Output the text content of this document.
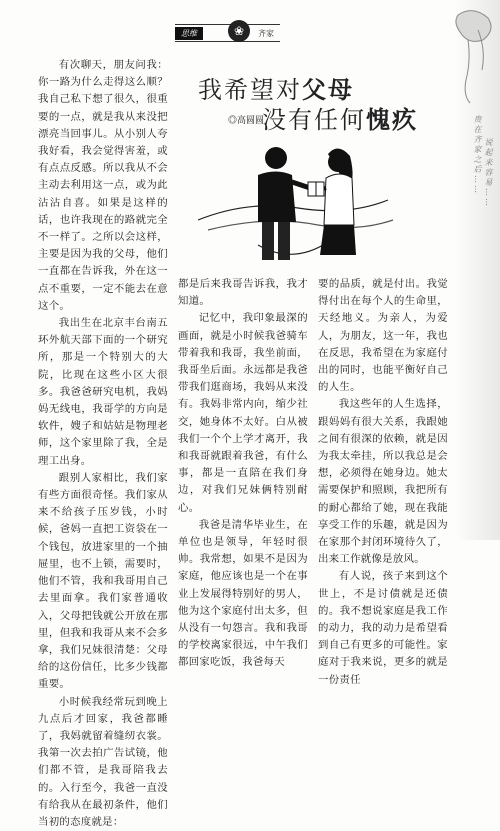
贵在齐家之后…… 说起来容易……
思维	齐家
❀

有次聊天，朋友问我：你一路为什么走得这么顺？我自己私下想了很久，很重要的一点，就是我从来没把漂亮当回事儿。从小别人夸我好看，我会觉得害羞，或有点点反感。所以我从不会主动去利用这一点，或为此沾沾自喜。如果是这样的话，也许我现在的路就完全不一样了。之所以会这样，主要是因为我的父母，他们一直都在告诉我，外在这一点不重要，一定不能去在意这个。

我出生在北京丰台南五环外航天部下面的一个研究所，那是一个特别大的大院，比现在这些小区大很多。我爸爸研究电机，我妈妈无线电，我哥学的方向是软件，嫂子和姑姑是物理老师，这个家里除了我，全是理工出身。

跟别人家相比，我们家有些方面很奇怪。我们家从来不给孩子压岁钱，小时候，爸妈一直把工资袋在一个钱包，放进家里的一个抽屉里，也不上锁，需要时，他们不管，我和我哥用自己去里面拿。我们家普通收入，父母把钱就公开放在那里，但我和我哥从来不会多拿，我们兄妹很清楚：父母给的这份信任，比多少钱都重要。

小时候我经常玩到晚上九点后才回家，我爸都睡了，我妈就留着缝纫衣裳。我第一次去拍广告试镜，他们都不管，是我哥陪我去的。入行至今，我爸一直没有给我从在最初条件，他们当初的态度就是：

我希望对父母
没有任何愧疚
◎高圆圆

都是后来我哥告诉我，我才知道。

记忆中，我印象最深的画面，就是小时候我爸骑车带着我和我哥，我坐前面，我哥坐后面。永远都是我爸带我们逛商场，我妈从来没有。我妈非常内向，缩少社交，她身体不太好。白从被我们一个个上学才离开，我和我哥就跟着我爸，有什么事，都是一直陪在我们身边，对我们兄妹俩特别耐心。

我爸是清华毕业生，在单位也是领导，年轻时很帅。我常想，如果不是因为家庭，他应该也是一个在事业上发展得特别好的男人，他为这个家庭付出太多，但从没有一句怨言。我和我哥的学校离家很远，中午我们都回家吃饭，我爸每天

要的品质，就是付出。我觉得付出在每个人的生命里，天经地义。为亲人，为爱人，为朋友，这一年，我也在反思，我希望在为家庭付出的同时，也能平衡好自己的人生。

我这些年的人生选择，跟妈妈有很大关系，我跟她之间有很深的依赖，就是因为我太牵挂，所以我总是会想，必须得在她身边。她太需要保护和照顾，我把所有的耐心都给了她，现在我能享受工作的乐趣，就是因为在家那个封闭环境待久了，出来工作就像是放风。

有人说，孩子来到这个世上，不是讨债就是还债的。我不想说家庭是我工作的动力，我的动力是希望看到自己有更多的可能性。家庭对于我来说，更多的就是一份责任
